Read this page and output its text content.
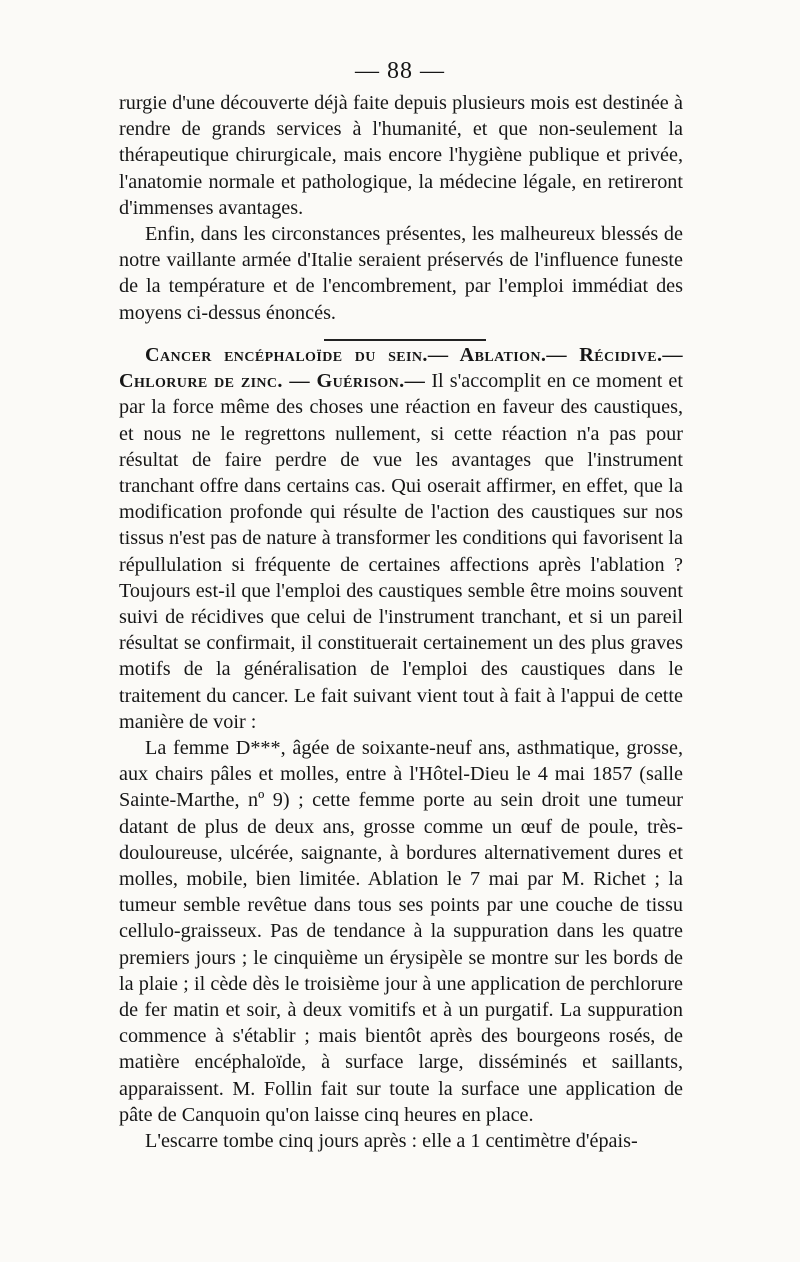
— 88 —

rurgie d'une découverte déjà faite depuis plusieurs mois est destinée à rendre de grands services à l'humanité, et que non-seulement la thérapeutique chirurgicale, mais encore l'hygiène publique et privée, l'anatomie normale et pathologique, la médecine légale, en retireront d'immenses avantages.

Enfin, dans les circonstances présentes, les malheureux blessés de notre vaillante armée d'Italie seraient préservés de l'influence funeste de la température et de l'encombrement, par l'emploi immédiat des moyens ci-dessus énoncés.

Cancer encéphaloïde du sein.— Ablation.— Récidive.—Chlorure de zinc. — Guérison.— Il s'accomplit en ce moment et par la force même des choses une réaction en faveur des caustiques, et nous ne le regrettons nullement, si cette réaction n'a pas pour résultat de faire perdre de vue les avantages que l'instrument tranchant offre dans certains cas. Qui oserait affirmer, en effet, que la modification profonde qui résulte de l'action des caustiques sur nos tissus n'est pas de nature à transformer les conditions qui favorisent la répullulation si fréquente de certaines affections après l'ablation ? Toujours est-il que l'emploi des caustiques semble être moins souvent suivi de récidives que celui de l'instrument tranchant, et si un pareil résultat se confirmait, il constituerait certainement un des plus graves motifs de la généralisation de l'emploi des caustiques dans le traitement du cancer. Le fait suivant vient tout à fait à l'appui de cette manière de voir :

La femme D***, âgée de soixante-neuf ans, asthmatique, grosse, aux chairs pâles et molles, entre à l'Hôtel-Dieu le 4 mai 1857 (salle Sainte-Marthe, nº 9) ; cette femme porte au sein droit une tumeur datant de plus de deux ans, grosse comme un œuf de poule, très-douloureuse, ulcérée, saignante, à bordures alternativement dures et molles, mobile, bien limitée. Ablation le 7 mai par M. Richet ; la tumeur semble revêtue dans tous ses points par une couche de tissu cellulo-graisseux. Pas de tendance à la suppuration dans les quatre premiers jours ; le cinquième un érysipèle se montre sur les bords de la plaie ; il cède dès le troisième jour à une application de perchlorure de fer matin et soir, à deux vomitifs et à un purgatif. La suppuration commence à s'établir ; mais bientôt après des bourgeons rosés, de matière encéphaloïde, à surface large, disséminés et saillants, apparaissent. M. Follin fait sur toute la surface une application de pâte de Canquoin qu'on laisse cinq heures en place.

L'escarre tombe cinq jours après : elle a 1 centimètre d'épais-
